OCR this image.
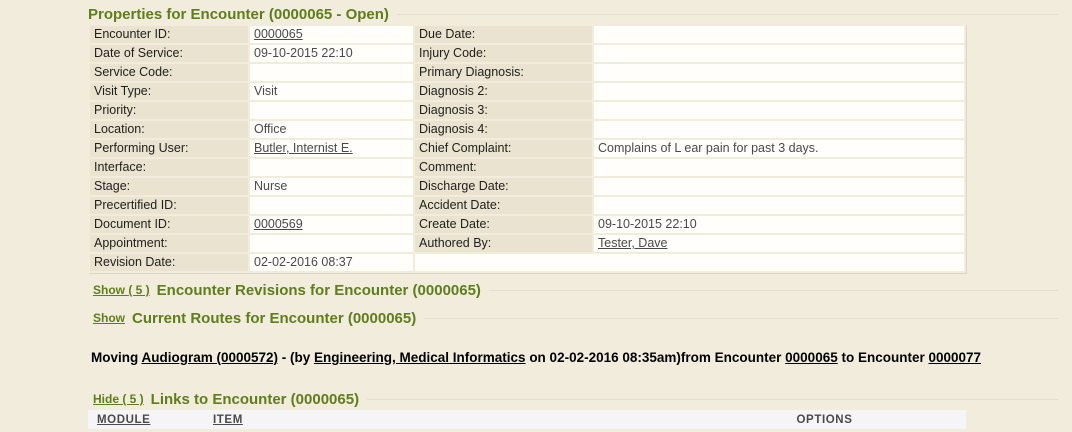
Properties for Encounter (0000065 - Open)
Encounter ID:	0000065	Due Date:	
Date of Service:	09-10-2015 22:10	Injury Code:	
Service Code:		Primary Diagnosis:	
Visit Type:	Visit	Diagnosis 2:	
Priority:		Diagnosis 3:	
Location:	Office	Diagnosis 4:	
Performing User:	Butler, Internist E.	Chief Complaint:	Complains of L ear pain for past 3 days.
Interface:		Comment:	
Stage:	Nurse	Discharge Date:	
Precertified ID:		Accident Date:	
Document ID:	0000569	Create Date:	09-10-2015 22:10
Appointment:		Authored By:	Tester, Dave
Revision Date:	02-02-2016 08:37		
Show ( 5 ) Encounter Revisions for Encounter (0000065)
Show Current Routes for Encounter (0000065)
Moving Audiogram (0000572) - (by Engineering, Medical Informatics on 02-02-2016 08:35am)from Encounter 0000065 to Encounter 0000077
Hide ( 5 ) Links to Encounter (0000065)
MODULE	ITEM	OPTIONS
